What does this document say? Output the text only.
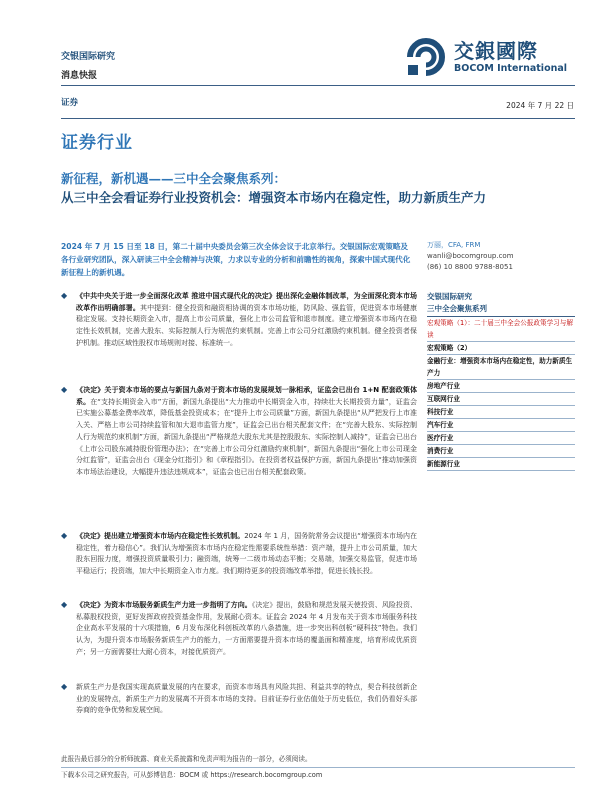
交银国际研究
消息快报
交銀國際
BOCOM International
证券	2024 年 7 月 22 日
证券行业
新征程，新机遇——三中全会聚焦系列：
从三中全会看证券行业投资机会：增强资本市场内在稳定性，助力新质生产力
2024 年 7 月 15 日至 18 日，第二十届中央委员会第三次全体会议于北京举行。交银国际宏观策略及各行业研究团队，深入研读三中全会精神与决策，力求以专业的分析和前瞻性的视角，探索中国式现代化新征程上的新机遇。
万丽，CFA, FRM
wanli@bocomgroup.com
(86) 10 8800 9788-8051
◆ 《中共中央关于进一步全面深化改革 推进中国式现代化的决定》提出深化金融体制改革，为全面深化资本市场改革作出明确部署。其中提到：健全投资和融资相协调的资本市场功能，防风险、强监管，促进资本市场健康稳定发展。支持长期资金入市，提高上市公司质量，强化上市公司监管和退市制度。建立增强资本市场内在稳定性长效机制，完善大股东、实际控制人行为规范约束机制。完善上市公司分红激励约束机制。健全投资者保护机制。推动区域性股权市场规则对接、标准统一。
◆ 《决定》关于资本市场的要点与新国九条对于资本市场的发展规划一脉相承，证监会已出台 1+N 配套政策体系。在“支持长期资金入市”方面，新国九条提出“大力推动中长期资金入市，持续壮大长期投资力量”，证监会已实施公募基金费率改革，降低基金投资成本；在“提升上市公司质量”方面，新国九条提出“从严把发行上市准入关、严格上市公司持续监管和加大退市监管力度”，证监会已出台相关配套文件；在“完善大股东、实际控制人行为规范约束机制”方面，新国九条提出“严格规范大股东尤其是控股股东、实际控制人减持”，证监会已出台《上市公司股东减持股份管理办法》；在“完善上市公司分红激励约束机制”，新国九条提出“强化上市公司现金分红监管”，证监会出台《现金分红指引》和《章程指引》。在投资者权益保护方面，新国九条提出“推动加强资本市场法治建设，大幅提升违法违规成本”，证监会也已出台相关配套政策。
◆ 《决定》提出建立增强资本市场内在稳定性长效机制。2024 年 1 月，国务院常务会议提出“增强资本市场内在稳定性，着力稳信心”。我们认为增强资本市场内在稳定性需要系统性举措：资产端，提升上市公司质量，加大股东回报力度，增强投资质量吸引力；融资端，统筹一二级市场动态平衡；交易端，加强交易监管，促进市场平稳运行；投资端，加大中长期资金入市力度。我们期待更多的投资端改革举措，促进长钱长投。
◆ 《决定》为资本市场服务新质生产力进一步指明了方向。《决定》提出，鼓励和规范发展天使投资、风险投资、私募股权投资，更好发挥政府投资基金作用，发展耐心资本。证监会 2024 年 4 月发布关于资本市场服务科技企业高水平发展的十六项措施，6 月发布深化科创板改革的八条措施，进一步突出科创板“硬科技”特色。我们认为，为提升资本市场服务新质生产力的能力，一方面需要提升资本市场的覆盖面和精准度，培育形成优质资产；另一方面需要壮大耐心资本，对接优质资产。
◆ 新质生产力是我国实现高质量发展的内在要求，而资本市场具有风险共担、利益共享的特点，契合科技创新企业的发展特点，新质生产力的发展离不开资本市场的支持。目前证券行业估值处于历史低位，我们仍看好头部券商的竞争优势和发展空间。
交银国际研究
三中全会聚焦系列
宏观策略（1）：二十届三中全会公报政策学习与解读
宏观策略（2）
金融行业：增强资本市场内在稳定性，助力新质生产力
房地产行业
互联网行业
科技行业
汽车行业
医疗行业
消费行业
新能源行业
此报告最后部分的分析师披露、商业关系披露和免责声明为报告的一部分，必须阅读。
下载本公司之研究报告，可从彭博信息：BOCM 或 https://research.bocomgroup.com
